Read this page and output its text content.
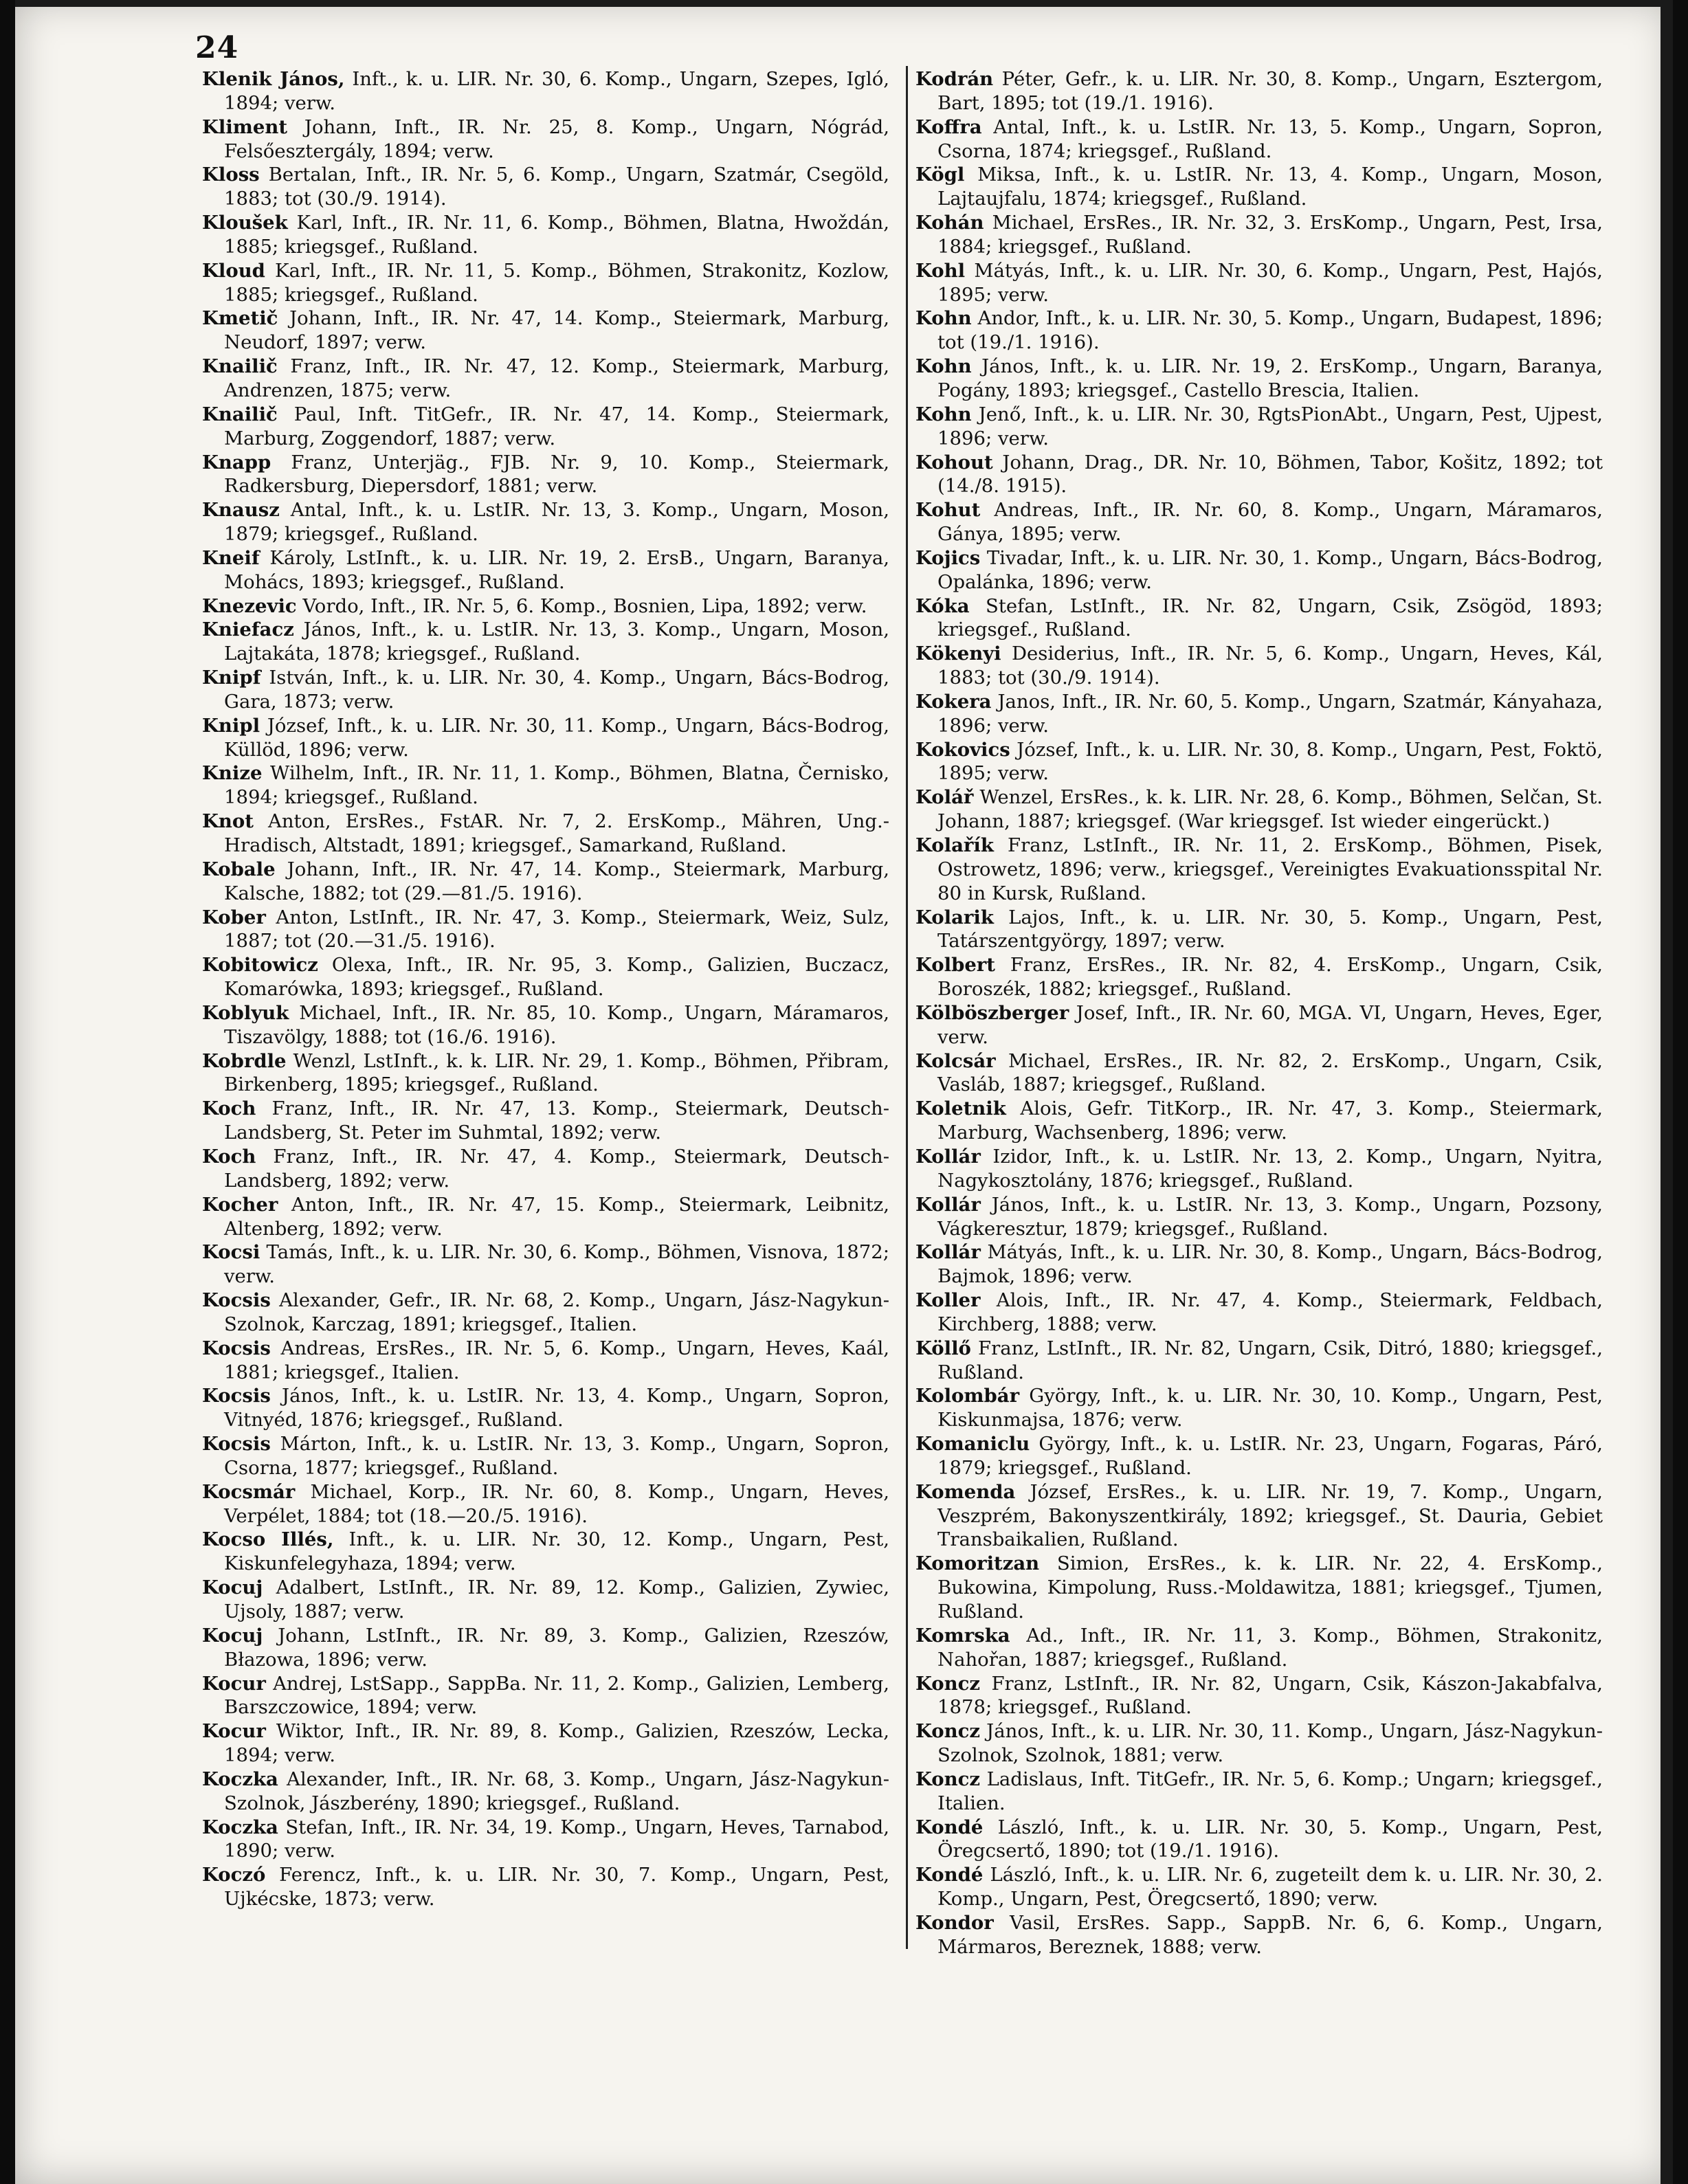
24

Klenik János, Inft., k. u. LIR. Nr. 30, 6. Komp., Ungarn, Szepes, Igló, 1894; verw.

Kliment Johann, Inft., IR. Nr. 25, 8. Komp., Ungarn, Nógrád, Felsőesztergály, 1894; verw.

Kloss Bertalan, Inft., IR. Nr. 5, 6. Komp., Ungarn, Szatmár, Csegöld, 1883; tot (30./9. 1914).

Kloušek Karl, Inft., IR. Nr. 11, 6. Komp., Böhmen, Blatna, Hwoždán, 1885; kriegsgef., Rußland.

Kloud Karl, Inft., IR. Nr. 11, 5. Komp., Böhmen, Strakonitz, Kozlow, 1885; kriegsgef., Rußland.

Kmetič Johann, Inft., IR. Nr. 47, 14. Komp., Steiermark, Marburg, Neudorf, 1897; verw.

Knailič Franz, Inft., IR. Nr. 47, 12. Komp., Steiermark, Marburg, Andrenzen, 1875; verw.

Knailič Paul, Inft. TitGefr., IR. Nr. 47, 14. Komp., Steiermark, Marburg, Zoggendorf, 1887; verw.

Knapp Franz, Unterjäg., FJB. Nr. 9, 10. Komp., Steiermark, Radkersburg, Diepersdorf, 1881; verw.

Knausz Antal, Inft., k. u. LstIR. Nr. 13, 3. Komp., Ungarn, Moson, 1879; kriegsgef., Rußland.

Kneif Károly, LstInft., k. u. LIR. Nr. 19, 2. ErsB., Ungarn, Baranya, Mohács, 1893; kriegsgef., Rußland.

Knezevic Vordo, Inft., IR. Nr. 5, 6. Komp., Bosnien, Lipa, 1892; verw.

Kniefacz János, Inft., k. u. LstIR. Nr. 13, 3. Komp., Ungarn, Moson, Lajtakáta, 1878; kriegsgef., Rußland.

Knipf István, Inft., k. u. LIR. Nr. 30, 4. Komp., Ungarn, Bács-Bodrog, Gara, 1873; verw.

Knipl József, Inft., k. u. LIR. Nr. 30, 11. Komp., Ungarn, Bács-Bodrog, Küllöd, 1896; verw.

Knize Wilhelm, Inft., IR. Nr. 11, 1. Komp., Böhmen, Blatna, Černisko, 1894; kriegsgef., Rußland.

Knot Anton, ErsRes., FstAR. Nr. 7, 2. ErsKomp., Mähren, Ung.-Hradisch, Altstadt, 1891; kriegsgef., Samarkand, Rußland.

Kobale Johann, Inft., IR. Nr. 47, 14. Komp., Steiermark, Marburg, Kalsche, 1882; tot (29.—81./5. 1916).

Kober Anton, LstInft., IR. Nr. 47, 3. Komp., Steiermark, Weiz, Sulz, 1887; tot (20.—31./5. 1916).

Kobitowicz Olexa, Inft., IR. Nr. 95, 3. Komp., Galizien, Buczacz, Komarówka, 1893; kriegsgef., Rußland.

Koblyuk Michael, Inft., IR. Nr. 85, 10. Komp., Ungarn, Máramaros, Tiszavölgy, 1888; tot (16./6. 1916).

Kobrdle Wenzl, LstInft., k. k. LIR. Nr. 29, 1. Komp., Böhmen, Přibram, Birkenberg, 1895; kriegsgef., Rußland.

Koch Franz, Inft., IR. Nr. 47, 13. Komp., Steiermark, Deutsch-Landsberg, St. Peter im Suhmtal, 1892; verw.

Koch Franz, Inft., IR. Nr. 47, 4. Komp., Steiermark, Deutsch-Landsberg, 1892; verw.

Kocher Anton, Inft., IR. Nr. 47, 15. Komp., Steiermark, Leibnitz, Altenberg, 1892; verw.

Kocsi Tamás, Inft., k. u. LIR. Nr. 30, 6. Komp., Böhmen, Visnova, 1872; verw.

Kocsis Alexander, Gefr., IR. Nr. 68, 2. Komp., Ungarn, Jász-Nagykun-Szolnok, Karczag, 1891; kriegsgef., Italien.

Kocsis Andreas, ErsRes., IR. Nr. 5, 6. Komp., Ungarn, Heves, Kaál, 1881; kriegsgef., Italien.

Kocsis János, Inft., k. u. LstIR. Nr. 13, 4. Komp., Ungarn, Sopron, Vitnyéd, 1876; kriegsgef., Rußland.

Kocsis Márton, Inft., k. u. LstIR. Nr. 13, 3. Komp., Ungarn, Sopron, Csorna, 1877; kriegsgef., Rußland.

Kocsmár Michael, Korp., IR. Nr. 60, 8. Komp., Ungarn, Heves, Verpélet, 1884; tot (18.—20./5. 1916).

Kocso Illés, Inft., k. u. LIR. Nr. 30, 12. Komp., Ungarn, Pest, Kiskunfelegyhaza, 1894; verw.

Kocuj Adalbert, LstInft., IR. Nr. 89, 12. Komp., Galizien, Zywiec, Ujsoly, 1887; verw.

Kocuj Johann, LstInft., IR. Nr. 89, 3. Komp., Galizien, Rzeszów, Błazowa, 1896; verw.

Kocur Andrej, LstSapp., SappBa. Nr. 11, 2. Komp., Galizien, Lemberg, Barszczowice, 1894; verw.

Kocur Wiktor, Inft., IR. Nr. 89, 8. Komp., Galizien, Rzeszów, Lecka, 1894; verw.

Koczka Alexander, Inft., IR. Nr. 68, 3. Komp., Ungarn, Jász-Nagykun-Szolnok, Jászberény, 1890; kriegsgef., Rußland.

Koczka Stefan, Inft., IR. Nr. 34, 19. Komp., Ungarn, Heves, Tarnabod, 1890; verw.

Koczó Ferencz, Inft., k. u. LIR. Nr. 30, 7. Komp., Ungarn, Pest, Ujkécske, 1873; verw.

Kodrán Péter, Gefr., k. u. LIR. Nr. 30, 8. Komp., Ungarn, Esztergom, Bart, 1895; tot (19./1. 1916).

Koffra Antal, Inft., k. u. LstIR. Nr. 13, 5. Komp., Ungarn, Sopron, Csorna, 1874; kriegsgef., Rußland.

Kögl Miksa, Inft., k. u. LstIR. Nr. 13, 4. Komp., Ungarn, Moson, Lajtaujfalu, 1874; kriegsgef., Rußland.

Kohán Michael, ErsRes., IR. Nr. 32, 3. ErsKomp., Ungarn, Pest, Irsa, 1884; kriegsgef., Rußland.

Kohl Mátyás, Inft., k. u. LIR. Nr. 30, 6. Komp., Ungarn, Pest, Hajós, 1895; verw.

Kohn Andor, Inft., k. u. LIR. Nr. 30, 5. Komp., Ungarn, Budapest, 1896; tot (19./1. 1916).

Kohn János, Inft., k. u. LIR. Nr. 19, 2. ErsKomp., Ungarn, Baranya, Pogány, 1893; kriegsgef., Castello Brescia, Italien.

Kohn Jenő, Inft., k. u. LIR. Nr. 30, RgtsPionAbt., Ungarn, Pest, Ujpest, 1896; verw.

Kohout Johann, Drag., DR. Nr. 10, Böhmen, Tabor, Košitz, 1892; tot (14./8. 1915).

Kohut Andreas, Inft., IR. Nr. 60, 8. Komp., Ungarn, Máramaros, Gánya, 1895; verw.

Kojics Tivadar, Inft., k. u. LIR. Nr. 30, 1. Komp., Ungarn, Bács-Bodrog, Opalánka, 1896; verw.

Kóka Stefan, LstInft., IR. Nr. 82, Ungarn, Csik, Zsögöd, 1893; kriegsgef., Rußland.

Kökenyi Desiderius, Inft., IR. Nr. 5, 6. Komp., Ungarn, Heves, Kál, 1883; tot (30./9. 1914).

Kokera Janos, Inft., IR. Nr. 60, 5. Komp., Ungarn, Szatmár, Kányahaza, 1896; verw.

Kokovics József, Inft., k. u. LIR. Nr. 30, 8. Komp., Ungarn, Pest, Foktö, 1895; verw.

Kolář Wenzel, ErsRes., k. k. LIR. Nr. 28, 6. Komp., Böhmen, Selčan, St. Johann, 1887; kriegsgef. (War kriegsgef. Ist wieder eingerückt.)

Kolařík Franz, LstInft., IR. Nr. 11, 2. ErsKomp., Böhmen, Pisek, Ostrowetz, 1896; verw., kriegsgef., Vereinigtes Evakuationsspital Nr. 80 in Kursk, Rußland.

Kolarik Lajos, Inft., k. u. LIR. Nr. 30, 5. Komp., Ungarn, Pest, Tatárszentgyörgy, 1897; verw.

Kolbert Franz, ErsRes., IR. Nr. 82, 4. ErsKomp., Ungarn, Csik, Boroszék, 1882; kriegsgef., Rußland.

Kölböszberger Josef, Inft., IR. Nr. 60, MGA. VI, Ungarn, Heves, Eger, verw.

Kolcsár Michael, ErsRes., IR. Nr. 82, 2. ErsKomp., Ungarn, Csik, Vasláb, 1887; kriegsgef., Rußland.

Koletnik Alois, Gefr. TitKorp., IR. Nr. 47, 3. Komp., Steiermark, Marburg, Wachsenberg, 1896; verw.

Kollár Izidor, Inft., k. u. LstIR. Nr. 13, 2. Komp., Ungarn, Nyitra, Nagykosztolány, 1876; kriegsgef., Rußland.

Kollár János, Inft., k. u. LstIR. Nr. 13, 3. Komp., Ungarn, Pozsony, Vágkeresztur, 1879; kriegsgef., Rußland.

Kollár Mátyás, Inft., k. u. LIR. Nr. 30, 8. Komp., Ungarn, Bács-Bodrog, Bajmok, 1896; verw.

Koller Alois, Inft., IR. Nr. 47, 4. Komp., Steiermark, Feldbach, Kirchberg, 1888; verw.

Köllő Franz, LstInft., IR. Nr. 82, Ungarn, Csik, Ditró, 1880; kriegsgef., Rußland.

Kolombár György, Inft., k. u. LIR. Nr. 30, 10. Komp., Ungarn, Pest, Kiskunmajsa, 1876; verw.

Komaniclu György, Inft., k. u. LstIR. Nr. 23, Ungarn, Fogaras, Páró, 1879; kriegsgef., Rußland.

Komenda József, ErsRes., k. u. LIR. Nr. 19, 7. Komp., Ungarn, Veszprém, Bakonyszentkirály, 1892; kriegsgef., St. Dauria, Gebiet Transbaikalien, Rußland.

Komoritzan Simion, ErsRes., k. k. LIR. Nr. 22, 4. ErsKomp., Bukowina, Kimpolung, Russ.-Moldawitza, 1881; kriegsgef., Tjumen, Rußland.

Komrska Ad., Inft., IR. Nr. 11, 3. Komp., Böhmen, Strakonitz, Nahořan, 1887; kriegsgef., Rußland.

Koncz Franz, LstInft., IR. Nr. 82, Ungarn, Csik, Kászon-Jakabfalva, 1878; kriegsgef., Rußland.

Koncz János, Inft., k. u. LIR. Nr. 30, 11. Komp., Ungarn, Jász-Nagykun-Szolnok, Szolnok, 1881; verw.

Koncz Ladislaus, Inft. TitGefr., IR. Nr. 5, 6. Komp.; Ungarn; kriegsgef., Italien.

Kondé László, Inft., k. u. LIR. Nr. 30, 5. Komp., Ungarn, Pest, Öregcsertő, 1890; tot (19./1. 1916).

Kondé László, Inft., k. u. LIR. Nr. 6, zugeteilt dem k. u. LIR. Nr. 30, 2. Komp., Ungarn, Pest, Öregcsertő, 1890; verw.

Kondor Vasil, ErsRes. Sapp., SappB. Nr. 6, 6. Komp., Ungarn, Mármaros, Bereznek, 1888; verw.
